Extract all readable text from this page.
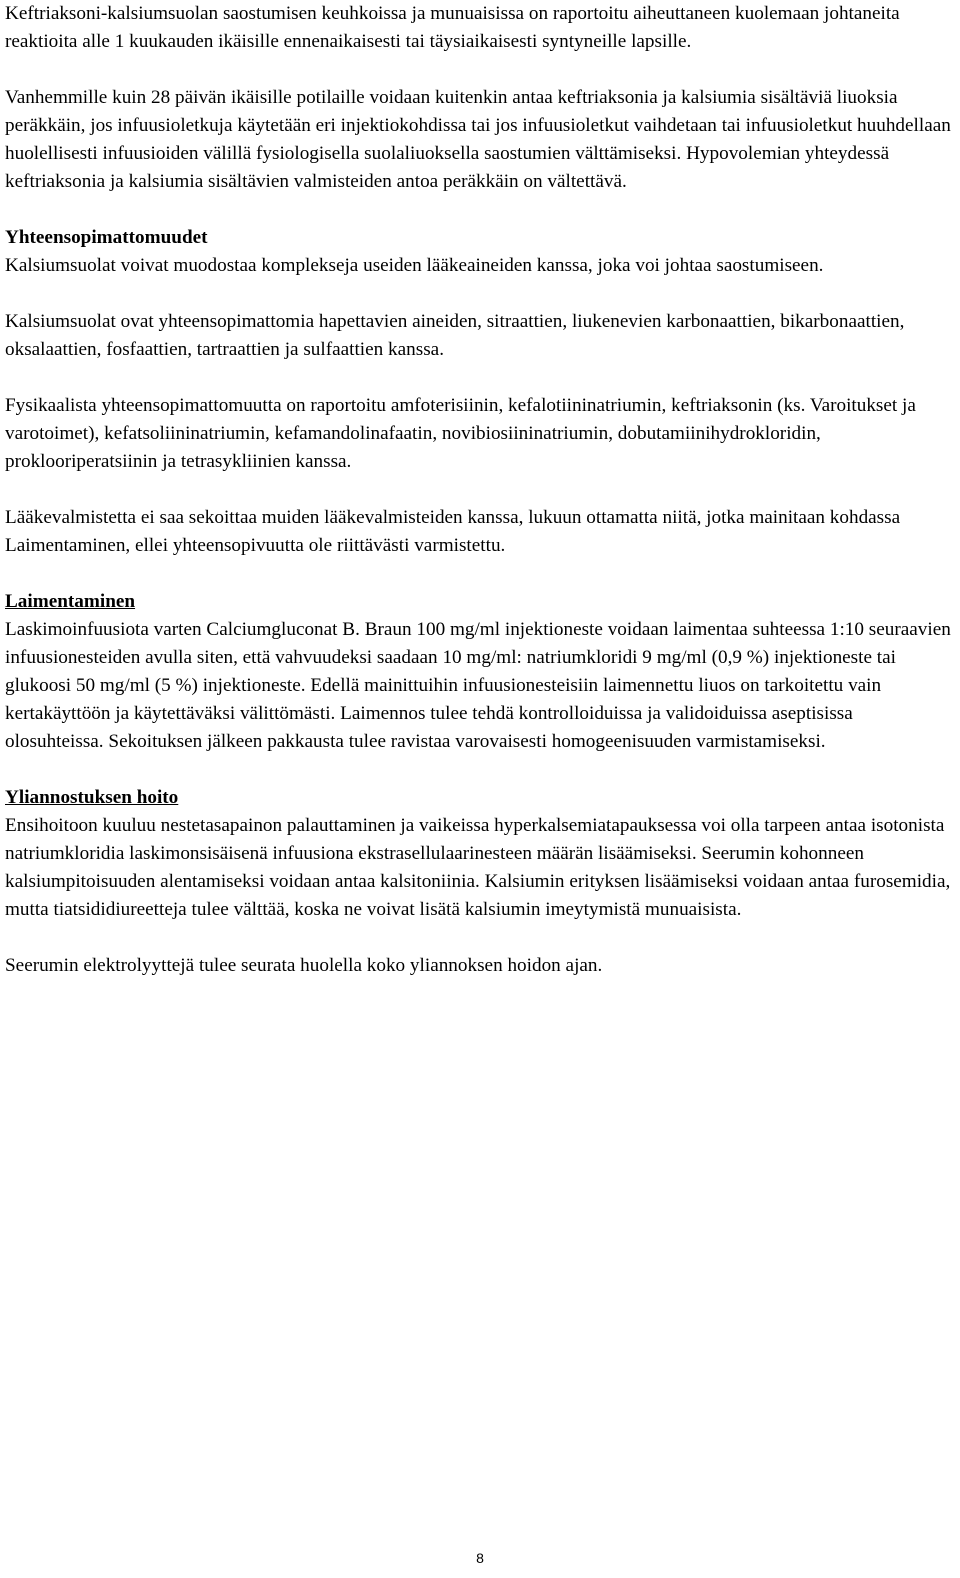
Keftriaksoni-kalsiumsuolan saostumisen keuhkoissa ja munuaisissa on raportoitu aiheuttaneen kuolemaan johtaneita reaktioita alle 1 kuukauden ikäisille ennenaikaisesti tai täysiaikaisesti syntyneille lapsille.

Vanhemmille kuin 28 päivän ikäisille potilaille voidaan kuitenkin antaa keftriaksonia ja kalsiumia sisältäviä liuoksia peräkkäin, jos infuusioletkuja käytetään eri injektiokohdissa tai jos infuusioletkut vaihdetaan tai infuusioletkut huuhdellaan huolellisesti infuusioiden välillä fysiologisella suolaliuoksella saostumien välttämiseksi. Hypovolemian yhteydessä keftriaksonia ja kalsiumia sisältävien valmisteiden antoa peräkkäin on vältettävä.

Yhteensopimattomuudet

Kalsiumsuolat voivat muodostaa komplekseja useiden lääkeaineiden kanssa, joka voi johtaa saostumiseen.

Kalsiumsuolat ovat yhteensopimattomia hapettavien aineiden, sitraattien, liukenevien karbonaattien, bikarbonaattien, oksalaattien, fosfaattien, tartraattien ja sulfaattien kanssa.

Fysikaalista yhteensopimattomuutta on raportoitu amfoterisiinin, kefalotiininatriumin, keftriaksonin (ks. Varoitukset ja varotoimet), kefatsoliininatriumin, kefamandolinafaatin, novibiosiininatriumin, dobutamiinihydrokloridin, proklooriperatsiinin ja tetrasykliinien kanssa.

Lääkevalmistetta ei saa sekoittaa muiden lääkevalmisteiden kanssa, lukuun ottamatta niitä, jotka mainitaan kohdassa Laimentaminen, ellei yhteensopivuutta ole riittävästi varmistettu.

Laimentaminen

Laskimoinfuusiota varten Calciumgluconat B. Braun 100 mg/ml injektioneste voidaan laimentaa suhteessa 1:10 seuraavien infuusionesteiden avulla siten, että vahvuudeksi saadaan 10 mg/ml: natriumkloridi 9 mg/ml (0,9 %) injektioneste tai glukoosi 50 mg/ml (5 %) injektioneste. Edellä mainittuihin infuusionesteisiin laimennettu liuos on tarkoitettu vain kertakäyttöön ja käytettäväksi välittömästi. Laimennos tulee tehdä kontrolloiduissa ja validoiduissa aseptisissa olosuhteissa. Sekoituksen jälkeen pakkausta tulee ravistaa varovaisesti homogeenisuuden varmistamiseksi.

Yliannostuksen hoito

Ensihoitoon kuuluu nestetasapainon palauttaminen ja vaikeissa hyperkalsemiatapauksessa voi olla tarpeen antaa isotonista natriumkloridia laskimonsisäisenä infuusiona ekstrasellulaarinesteen määrän lisäämiseksi. Seerumin kohonneen kalsiumpitoisuuden alentamiseksi voidaan antaa kalsitoniinia. Kalsiumin erityksen lisäämiseksi voidaan antaa furosemidia, mutta tiatsididiureetteja tulee välttää, koska ne voivat lisätä kalsiumin imeytymistä munuaisista.

Seerumin elektrolyyttejä tulee seurata huolella koko yliannoksen hoidon ajan.

8
